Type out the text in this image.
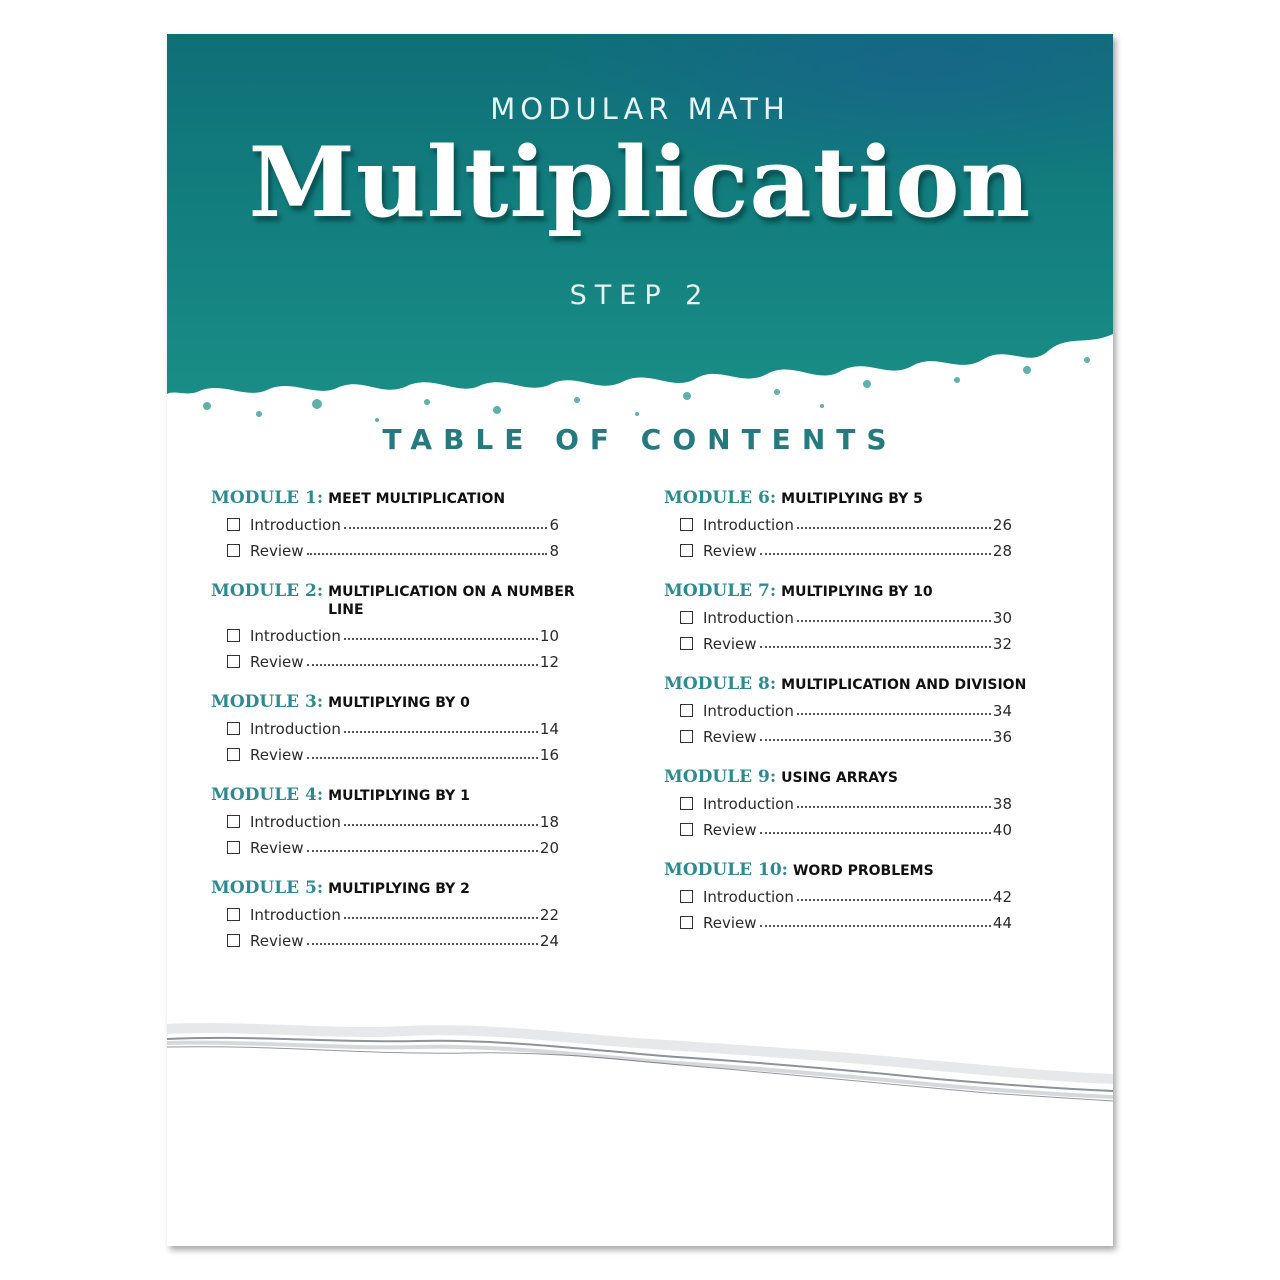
MODULAR MATH
Multiplication
STEP 2
TABLE OF CONTENTS
MODULE 1: MEET MULTIPLICATION
Introduction	6
Review	8
MODULE 2: MULTIPLICATION ON A NUMBER LINE
Introduction	10
Review	12
MODULE 3: MULTIPLYING BY 0
Introduction	14
Review	16
MODULE 4: MULTIPLYING BY 1
Introduction	18
Review	20
MODULE 5: MULTIPLYING BY 2
Introduction	22
Review	24
MODULE 6: MULTIPLYING BY 5
Introduction	26
Review	28
MODULE 7: MULTIPLYING BY 10
Introduction	30
Review	32
MODULE 8: MULTIPLICATION AND DIVISION
Introduction	34
Review	36
MODULE 9: USING ARRAYS
Introduction	38
Review	40
MODULE 10: WORD PROBLEMS
Introduction	42
Review	44
